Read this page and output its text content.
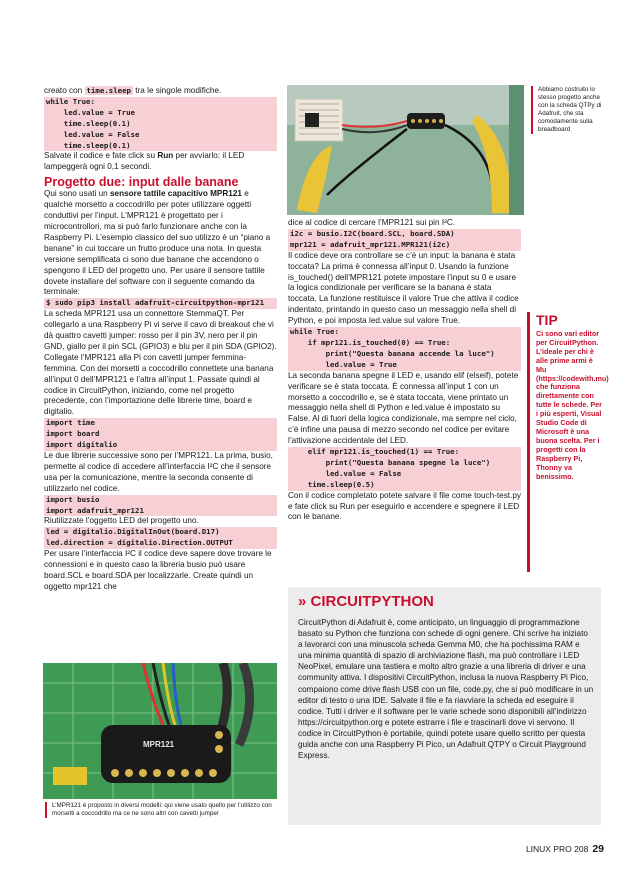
creato con time.sleep tra le singole modifiche.

while True:
led.value = True
time.sleep(0.1)
led.value = False
time.sleep(0.1)

Salvate il codice e fate click su Run per avviarlo: il LED lampeggerà ogni 0,1 secondi.

Progetto due: input dalle banane

Qui sono usati un sensore tattile capacitivo MPR121 e qualche morsetto a coccodrillo per poter utilizzare oggetti conduttivi per l’input. L’MPR121 è progettato per i microcontrollori, ma si può farlo funzionare anche con la Raspberry Pi. L’esempio classico del suo utilizzo è un “piano a banane” in cui toccare un frutto produce una nota. In questa versione semplificata ci sono due banane che accendono o spengono il LED del progetto uno. Per usare il sensore tattile dovete installare del software con il seguente comando da terminale:

$ sudo pip3 install adafruit-circuitpython-mpr121

La scheda MPR121 usa un connettore StemmaQT. Per collegarlo a una Raspberry Pi vi serve il cavo di breakout che vi dà quattro cavetti jumper: rosso per il pin 3V, nero per il pin GND, giallo per il pin SCL (GPIO3) e blu per il pin SDA (GPIO2). Collegate l’MPR121 alla Pi con cavetti jumper femmina-femmina. Con dei morsetti a coccodrillo connettete una banana all’input 0 dell’MPR121 e l’altra all’input 1. Passate quindi al codice in CircuitPython, iniziando, come nel progetto precedente, con l’importazione delle librerie time, board e digitalio.

import time
import board
import digitalio

Le due librerie successive sono per l’MPR121. La prima, busio, permette al codice di accedere all’interfaccia I²C che il sensore usa per la comunicazione, mentre la seconda consente di utilizzarlo nel codice.

import busio
import adafruit_mpr121

Riutilizzate l’oggetto LED del progetto uno.

led = digitalio.DigitalInOut(board.D17)
led.direction = digitalio.Direction.OUTPUT

Per usare l’interfaccia I²C il codice deve sapere dove trovare le connessioni e in questo caso la libreria busio può usare board.SCL e board.SDA per localizzarle. Create quindi un oggetto mpr121 che

Abbiamo costruito lo stesso progetto anche con la scheda QTPy di Adafruit, che sta comodamente sulla breadboard

dice al codice di cercare l’MPR121 sui pin I²C.

i2c = busio.I2C(board.SCL, board.SDA)
mpr121 = adafruit_mpr121.MPR121(i2c)

Il codice deve ora controllare se c’è un input: la banana è stata toccata? La prima è connessa all’input 0. Usando la funzione is_touched() dell’MPR121 potete impostare l’input su 0 e usare la logica condizionale per verificare se la banana è stata toccata. La funzione restituisce il valore True che attiva il codice indentato, printando in questo caso un messaggio nella shell di Python, e poi imposta led.value sul valore True.

while True:
if mpr121.is_touched(0) == True:
print("Questa banana accende la luce")
led.value = True

La seconda banana spegne il LED e, usando elif (elseif), potete verificare se è stata toccata. È connessa all’input 1 con un morsetto a coccodrillo e, se è stata toccata, viene printato un messaggio nella shell di Python e led.value è impostato su False. Al di fuori della logica condizionale, ma sempre nel ciclo, c’è infine una pausa di mezzo secondo nel codice per evitare l’attivazione accidentale del LED.

elif mpr121.is_touched(1) == True:
print("Questa banana spegne la luce")
led.value = False
time.sleep(0.5)

Con il codice completato potete salvare il file come touch-test.py e fate click su Run per eseguirlo e accendere e spegnere il LED con le banane.

TIP
Ci sono vari editor per CircuitPython. L’ideale per chi è alle prime armi è Mu (https://codewith.mu) che funziona direttamente con tutte le schede. Per i più esperti, Visual Studio Code di Microsoft è una buona scelta. Per i progetti con la Raspberry Pi, Thonny va benissimo.
MPR121
L’MPR121 è proposto in diversi modelli: qui viene usato quello per l’utilizzo con morsetti a coccodrillo ma ce ne sono altri con cavetti jumper
» CIRCUITPYTHON
CircuitPython di Adafruit è, come anticipato, un linguaggio di programmazione basato su Python che funziona con schede di ogni genere. Chi scrive ha iniziato a lavorarci con una minuscola scheda Gemma M0, che ha pochissima RAM e una minima quantità di spazio di archiviazione flash, ma può controllare i LED NeoPixel, emulare una tastiera e molto altro grazie a una libreria di driver e una community attiva. I dispositivi CircuitPython, inclusa la nuova Raspberry Pi Pico, compaiono come drive flash USB con un file, code.py, che si può modificare in un editor di testo o una IDE. Salvate il file e fa riavviare la scheda ed eseguire il codice. Tutti i driver e il software per le varie schede sono disponibili all’indirizzo https://circuitpython.org e potete estrarre i file e trascinarli dove vi servono. Il codice in CircuitPython è portabile, quindi potete usare quello scritto per questa guida anche con una Raspberry Pi Pico, un Adafruit QTPY o Circuit Playground Express.
LINUX PRO 208 29
